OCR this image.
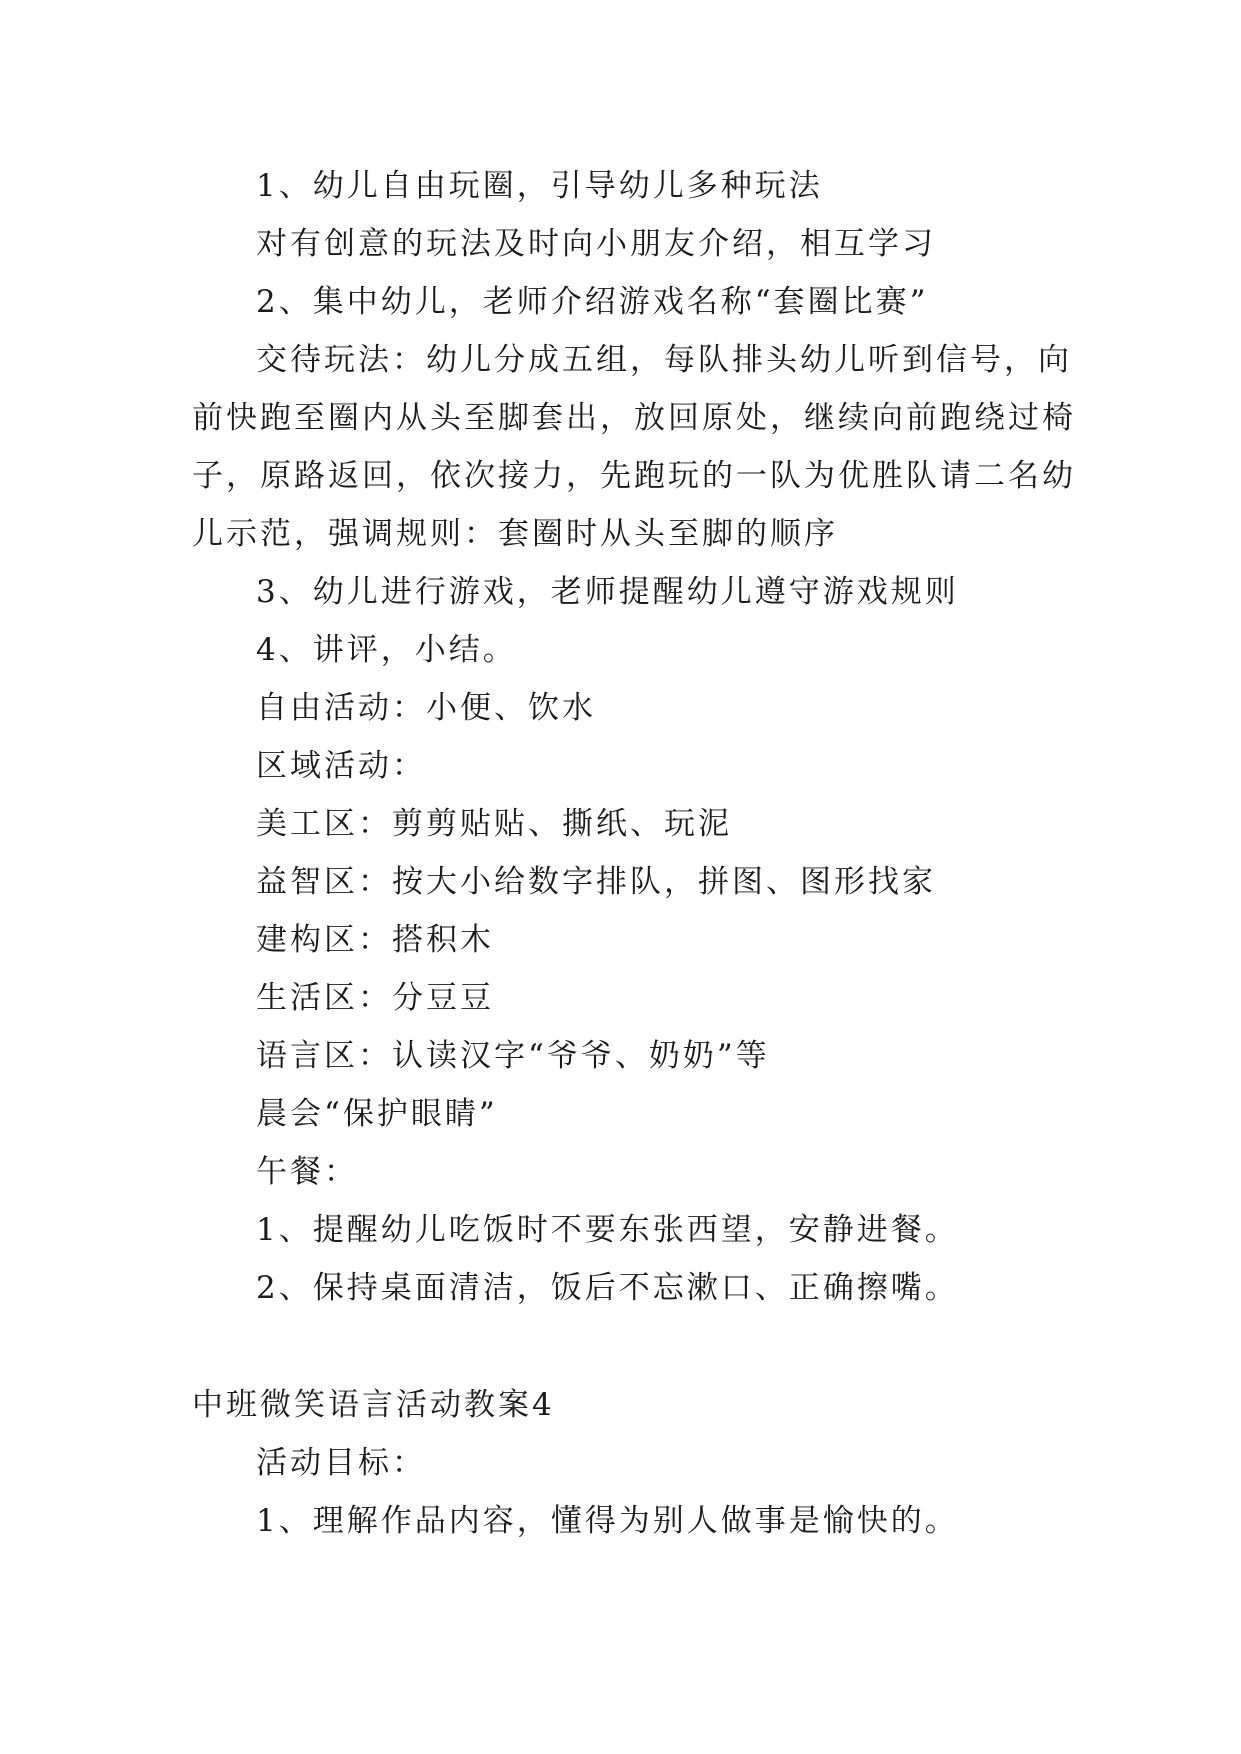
1、幼儿自由玩圈，引导幼儿多种玩法
对有创意的玩法及时向小朋友介绍，相互学习
2、集中幼儿，老师介绍游戏名称“套圈比赛”
交待玩法：幼儿分成五组，每队排头幼儿听到信号，向
前快跑至圈内从头至脚套出，放回原处，继续向前跑绕过椅
子，原路返回，依次接力，先跑玩的一队为优胜队请二名幼
儿示范，强调规则：套圈时从头至脚的顺序
3、幼儿进行游戏，老师提醒幼儿遵守游戏规则
4、讲评，小结。
自由活动：小便、饮水
区域活动：
美工区：剪剪贴贴、撕纸、玩泥
益智区：按大小给数字排队，拼图、图形找家
建构区：搭积木
生活区：分豆豆
语言区：认读汉字“爷爷、奶奶”等
晨会“保护眼睛”
午餐：
1、提醒幼儿吃饭时不要东张西望，安静进餐。
2、保持桌面清洁，饭后不忘漱口、正确擦嘴。
中班微笑语言活动教案4
活动目标：
1、理解作品内容，懂得为别人做事是愉快的。
